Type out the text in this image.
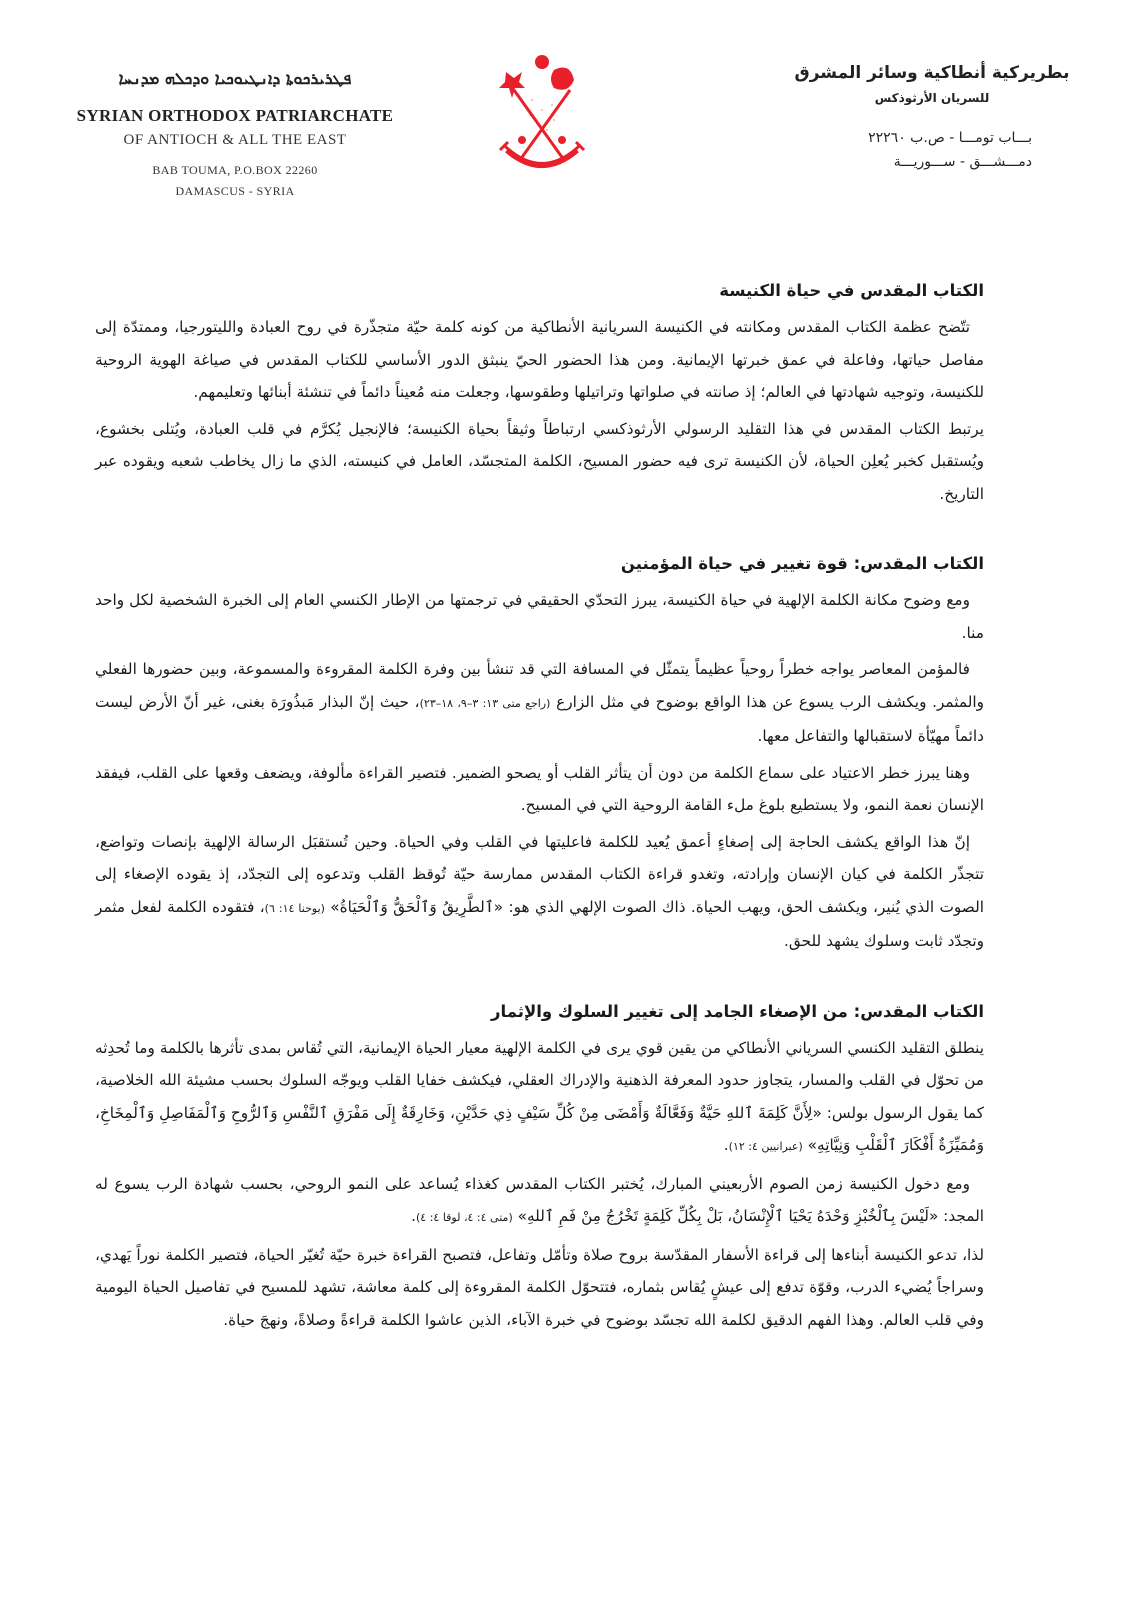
ܦܛܪܝܪܟܘܬܐ ܕܐܢܛܝܘܟܝܐ ܘܕܟܠܗ ܡܕܢܚܐ
SYRIAN ORTHODOX PATRIARCHATE
OF ANTIOCH & ALL THE EAST
BAB TOUMA, P.O.BOX 22260
DAMASCUS - SYRIA
بطريركية أنطاكية وسائر المشرق
للسريان الأرثوذكس
بـــاب تومـــا - ص.ب ٢٢٢٦٠
دمـــشـــق - ســـوريـــة
الكتاب المقدس في حياة الكنيسة

تتّضح عظمة الكتاب المقدس ومكانته في الكنيسة السريانية الأنطاكية من كونه كلمة حيّة متجذّرة في روح العبادة والليتورجيا، وممتدّة إلى مفاصل حياتها، وفاعلة في عمق خبرتها الإيمانية. ومن هذا الحضور الحيّ ينبثق الدور الأساسي للكتاب المقدس في صياغة الهوية الروحية للكنيسة، وتوجيه شهادتها في العالم؛ إذ صانته في صلواتها وتراتيلها وطقوسها، وجعلت منه مُعيناً دائماً في تنشئة أبنائها وتعليمهم.

يرتبط الكتاب المقدس في هذا التقليد الرسولي الأرثوذكسي ارتباطاً وثيقاً بحياة الكنيسة؛ فالإنجيل يُكرَّم في قلب العبادة، ويُتلى بخشوع، ويُستقبل كخبر يُعلِن الحياة، لأن الكنيسة ترى فيه حضور المسيح، الكلمة المتجسّد، العامل في كنيسته، الذي ما زال يخاطب شعبه ويقوده عبر التاريخ.

الكتاب المقدس: قوة تغيير في حياة المؤمنين

ومع وضوح مكانة الكلمة الإلهية في حياة الكنيسة، يبرز التحدّي الحقيقي في ترجمتها من الإطار الكنسي العام إلى الخبرة الشخصية لكل واحد منا.

فالمؤمن المعاصر يواجه خطراً روحياً عظيماً يتمثّل في المسافة التي قد تنشأ بين وفرة الكلمة المقروءة والمسموعة، وبين حضورها الفعلي والمثمر. ويكشف الرب يسوع عن هذا الواقع بوضوح في مثل الزارع (راجع متى ١٣: ٣–٩، ١٨–٢٣)، حيث إنّ البذار مَبذُورَة بغنى، غير أنّ الأرض ليست دائماً مهيّأة لاستقبالها والتفاعل معها.

وهنا يبرز خطر الاعتياد على سماع الكلمة من دون أن يتأثر القلب أو يصحو الضمير. فتصير القراءة مألوفة، ويضعف وقعها على القلب، فيفقد الإنسان نعمة النمو، ولا يستطيع بلوغ ملء القامة الروحية التي في المسيح.

إنّ هذا الواقع يكشف الحاجة إلى إصغاءٍ أعمق يُعيد للكلمة فاعليتها في القلب وفي الحياة. وحين تُستقبَل الرسالة الإلهية بإنصات وتواضع، تتجذّر الكلمة في كيان الإنسان وإرادته، وتغدو قراءة الكتاب المقدس ممارسة حيّة تُوقظ القلب وتدعوه إلى التجدّد، إذ يقوده الإصغاء إلى الصوت الذي يُنير، ويكشف الحق، ويهب الحياة. ذاك الصوت الإلهي الذي هو: «ٱلطَّرِيقُ وَٱلْحَقُّ وَٱلْحَيَاةُ» (يوحنا ١٤: ٦)، فتقوده الكلمة لفعل مثمر وتجدّد ثابت وسلوك يشهد للحق.

الكتاب المقدس: من الإصغاء الجامد إلى تغيير السلوك والإثمار

ينطلق التقليد الكنسي السرياني الأنطاكي من يقين قوي يرى في الكلمة الإلهية معيار الحياة الإيمانية، التي تُقاس بمدى تأثرها بالكلمة وما تُحدِثه من تحوّل في القلب والمسار، يتجاوز حدود المعرفة الذهنية والإدراك العقلي، فيكشف خفايا القلب ويوجّه السلوك بحسب مشيئة الله الخلاصية، كما يقول الرسول بولس: «لِأَنَّ كَلِمَةَ ٱللهِ حَيَّةٌ وَفَعَّالَةٌ وَأَمْضَى مِنْ كُلِّ سَيْفٍ ذِي حَدَّيْنِ، وَخَارِقَةٌ إِلَى مَفْرَقِ ٱلنَّفْسِ وَٱلرُّوحِ وَٱلْمَفَاصِلِ وَٱلْمِخَاخِ، وَمُمَيِّزَةٌ أَفْكَارَ ٱلْقَلْبِ وَنِيَّاتِهِ» (عبرانيين ٤: ١٢).

ومع دخول الكنيسة زمن الصوم الأربعيني المبارك، يُختبر الكتاب المقدس كغذاء يُساعد على النمو الروحي، بحسب شهادة الرب يسوع له المجد: «لَيْسَ بِٱلْخُبْزِ وَحْدَهُ يَحْيَا ٱلْإِنْسَانُ، بَلْ بِكُلِّ كَلِمَةٍ تَخْرُجُ مِنْ فَمِ ٱللهِ» (متى ٤: ٤، لوقا ٤: ٤).

لذا، تدعو الكنيسة أبناءها إلى قراءة الأسفار المقدّسة بروح صلاة وتأمّل وتفاعل، فتصبح القراءة خبرة حيّة تُغيّر الحياة، فتصير الكلمة نوراً يَهدي، وسراجاً يُضيء الدرب، وقوّة تدفع إلى عيشٍ يُقاس بثماره، فتتحوّل الكلمة المقروءة إلى كلمة معاشة، تشهد للمسيح في تفاصيل الحياة اليومية وفي قلب العالم. وهذا الفهم الدقيق لكلمة الله تجسّد بوضوح في خبرة الآباء، الذين عاشوا الكلمة قراءةً وصلاةً، ونهجَ حياة.
